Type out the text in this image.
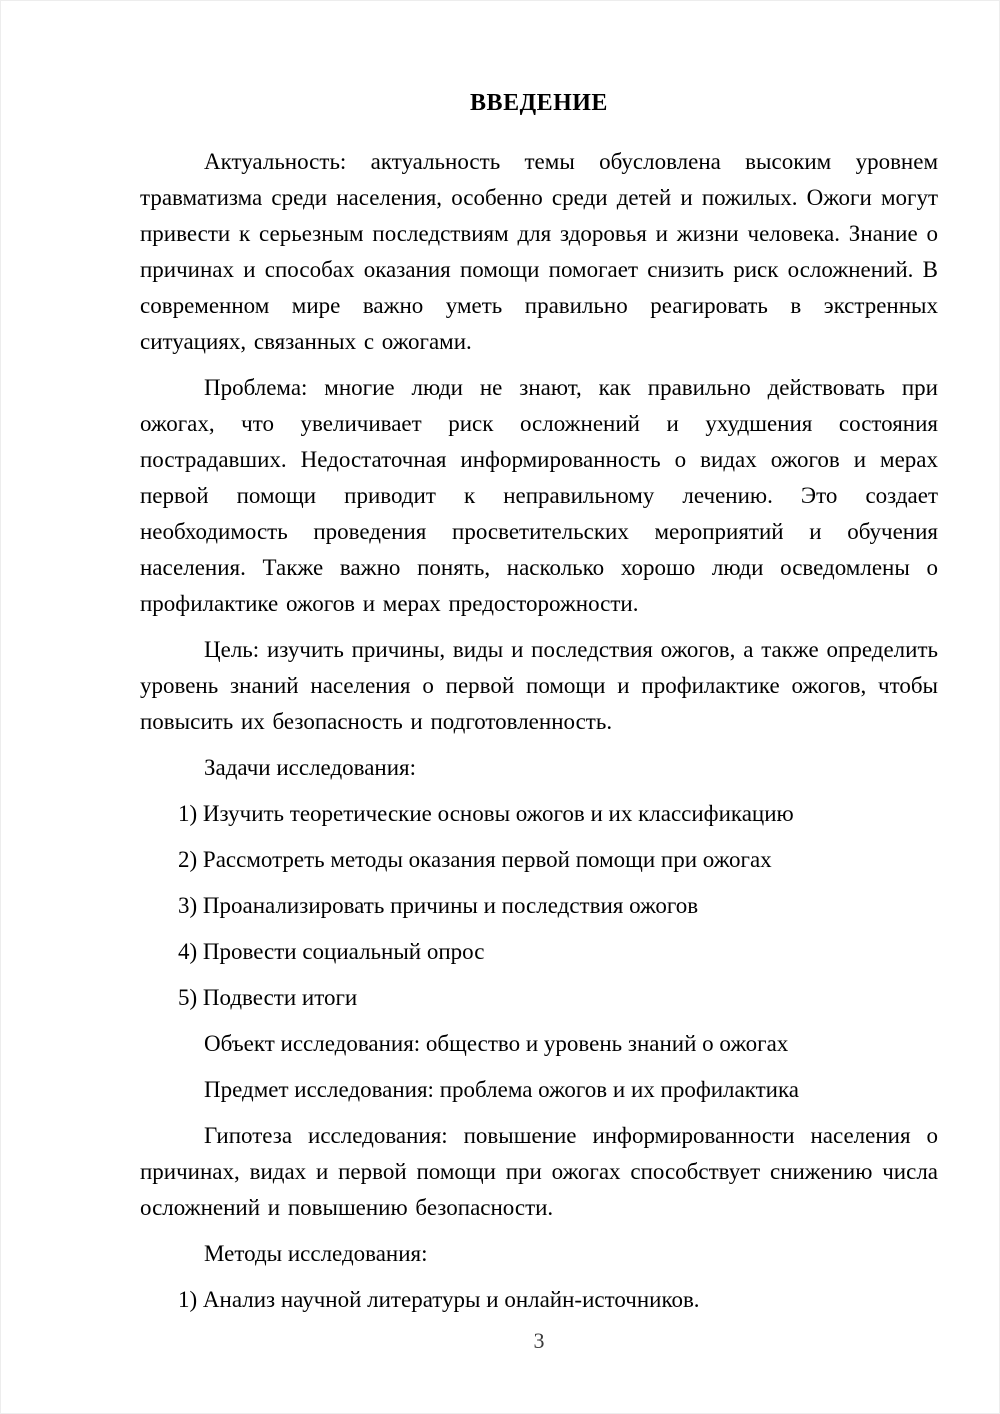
ВВЕДЕНИЕ

Актуальность: актуальность темы обусловлена высоким уровнем травматизма среди населения, особенно среди детей и пожилых. Ожоги могут привести к серьезным последствиям для здоровья и жизни человека. Знание о причинах и способах оказания помощи помогает снизить риск осложнений. В современном мире важно уметь правильно реагировать в экстренных ситуациях, связанных с ожогами.

Проблема: многие люди не знают, как правильно действовать при ожогах, что увеличивает риск осложнений и ухудшения состояния пострадавших. Недостаточная информированность о видах ожогов и мерах первой помощи приводит к неправильному лечению. Это создает необходимость проведения просветительских мероприятий и обучения населения. Также важно понять, насколько хорошо люди осведомлены о профилактике ожогов и мерах предосторожности.

Цель: изучить причины, виды и последствия ожогов, а также определить уровень знаний населения о первой помощи и профилактике ожогов, чтобы повысить их безопасность и подготовленность.

Задачи исследования:

1) Изучить теоретические основы ожогов и их классификацию
2) Рассмотреть методы оказания первой помощи при ожогах
3) Проанализировать причины и последствия ожогов
4) Провести социальный опрос
5) Подвести итоги

Объект исследования: общество и уровень знаний о ожогах

Предмет исследования: проблема ожогов и их профилактика

Гипотеза исследования: повышение информированности населения о причинах, видах и первой помощи при ожогах способствует снижению числа осложнений и повышению безопасности.

Методы исследования:

1) Анализ научной литературы и онлайн-источников.
3
